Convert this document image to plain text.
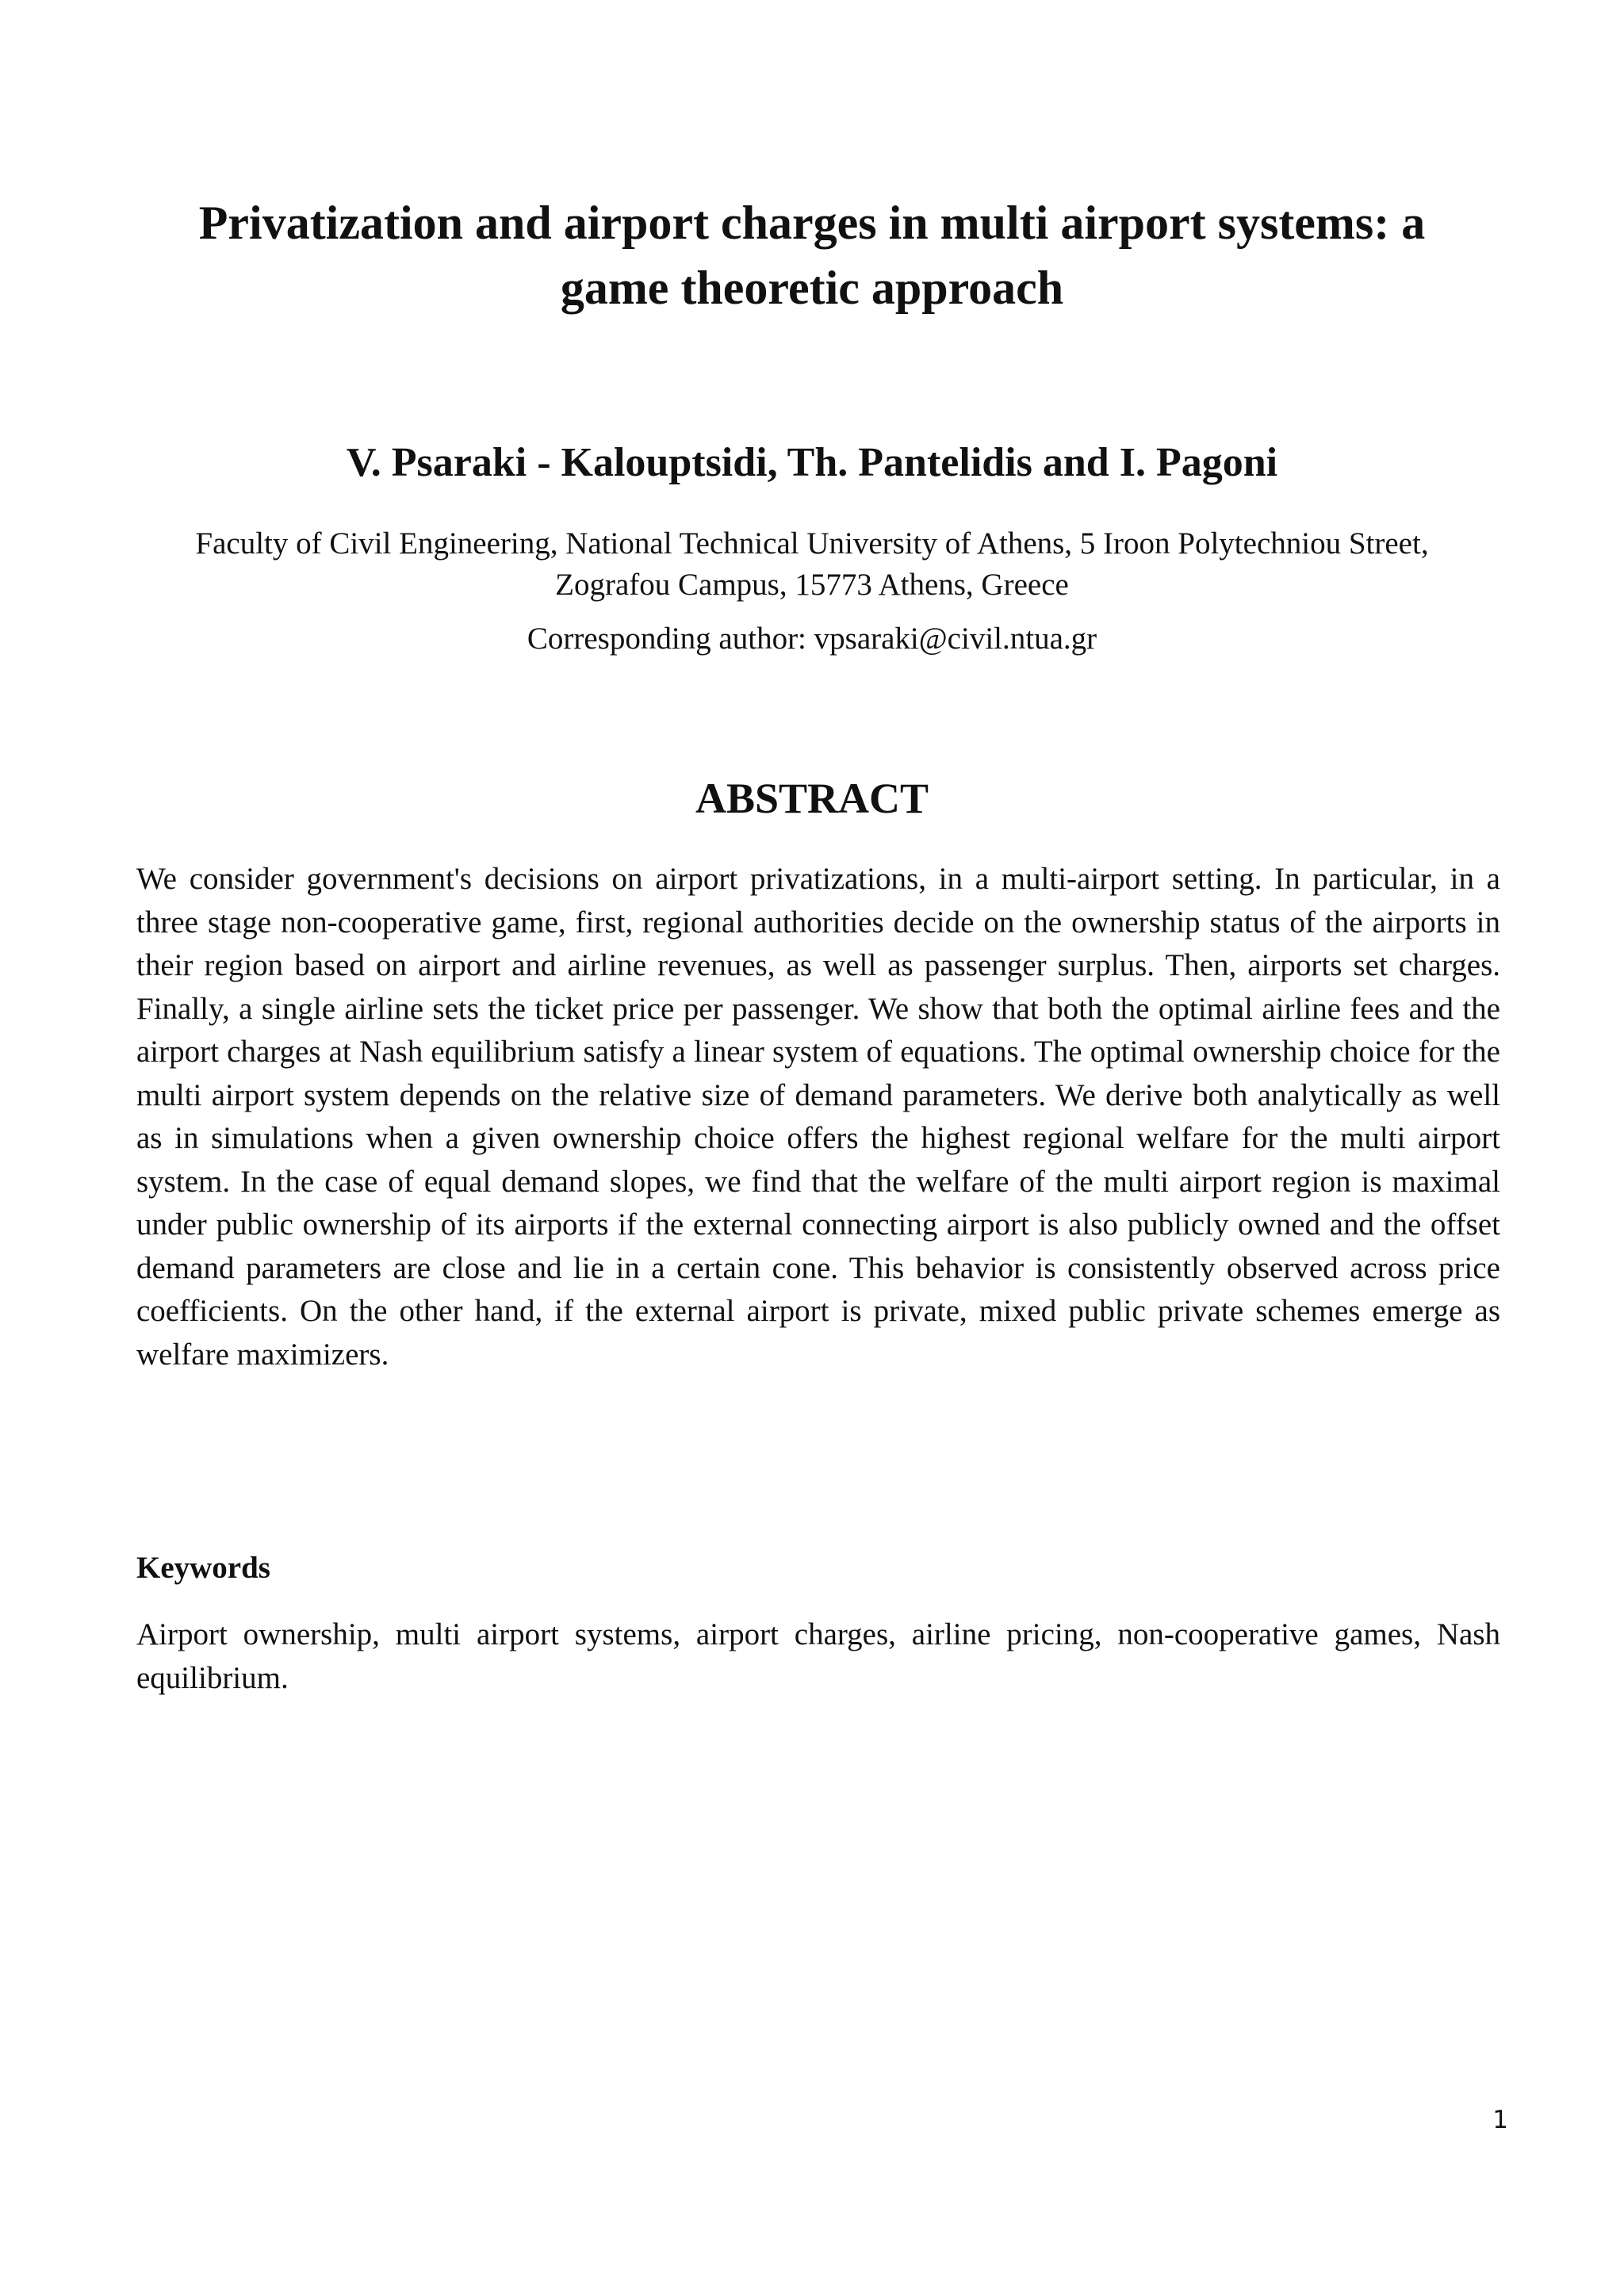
Privatization and airport charges in multi airport systems: a game theoretic approach

V. Psaraki - Kalouptsidi, Th. Pantelidis and I. Pagoni

Faculty of Civil Engineering, National Technical University of Athens, 5 Iroon Polytechniou Street, Zografou Campus, 15773 Athens, Greece

Corresponding author: vpsaraki@civil.ntua.gr

ABSTRACT

We consider government's decisions on airport privatizations, in a multi-airport setting. In particular, in a three stage non-cooperative game, first, regional authorities decide on the ownership status of the airports in their region based on airport and airline revenues, as well as passenger surplus. Then, airports set charges. Finally, a single airline sets the ticket price per passenger. We show that both the optimal airline fees and the airport charges at Nash equilibrium satisfy a linear system of equations. The optimal ownership choice for the multi airport system depends on the relative size of demand parameters. We derive both analytically as well as in simulations when a given ownership choice offers the highest regional welfare for the multi airport system. In the case of equal demand slopes, we find that the welfare of the multi airport region is maximal under public ownership of its airports if the external connecting airport is also publicly owned and the offset demand parameters are close and lie in a certain cone. This behavior is consistently observed across price coefficients. On the other hand, if the external airport is private, mixed public private schemes emerge as welfare maximizers.

Keywords

Airport ownership, multi airport systems, airport charges, airline pricing, non-cooperative games, Nash equilibrium.

1
